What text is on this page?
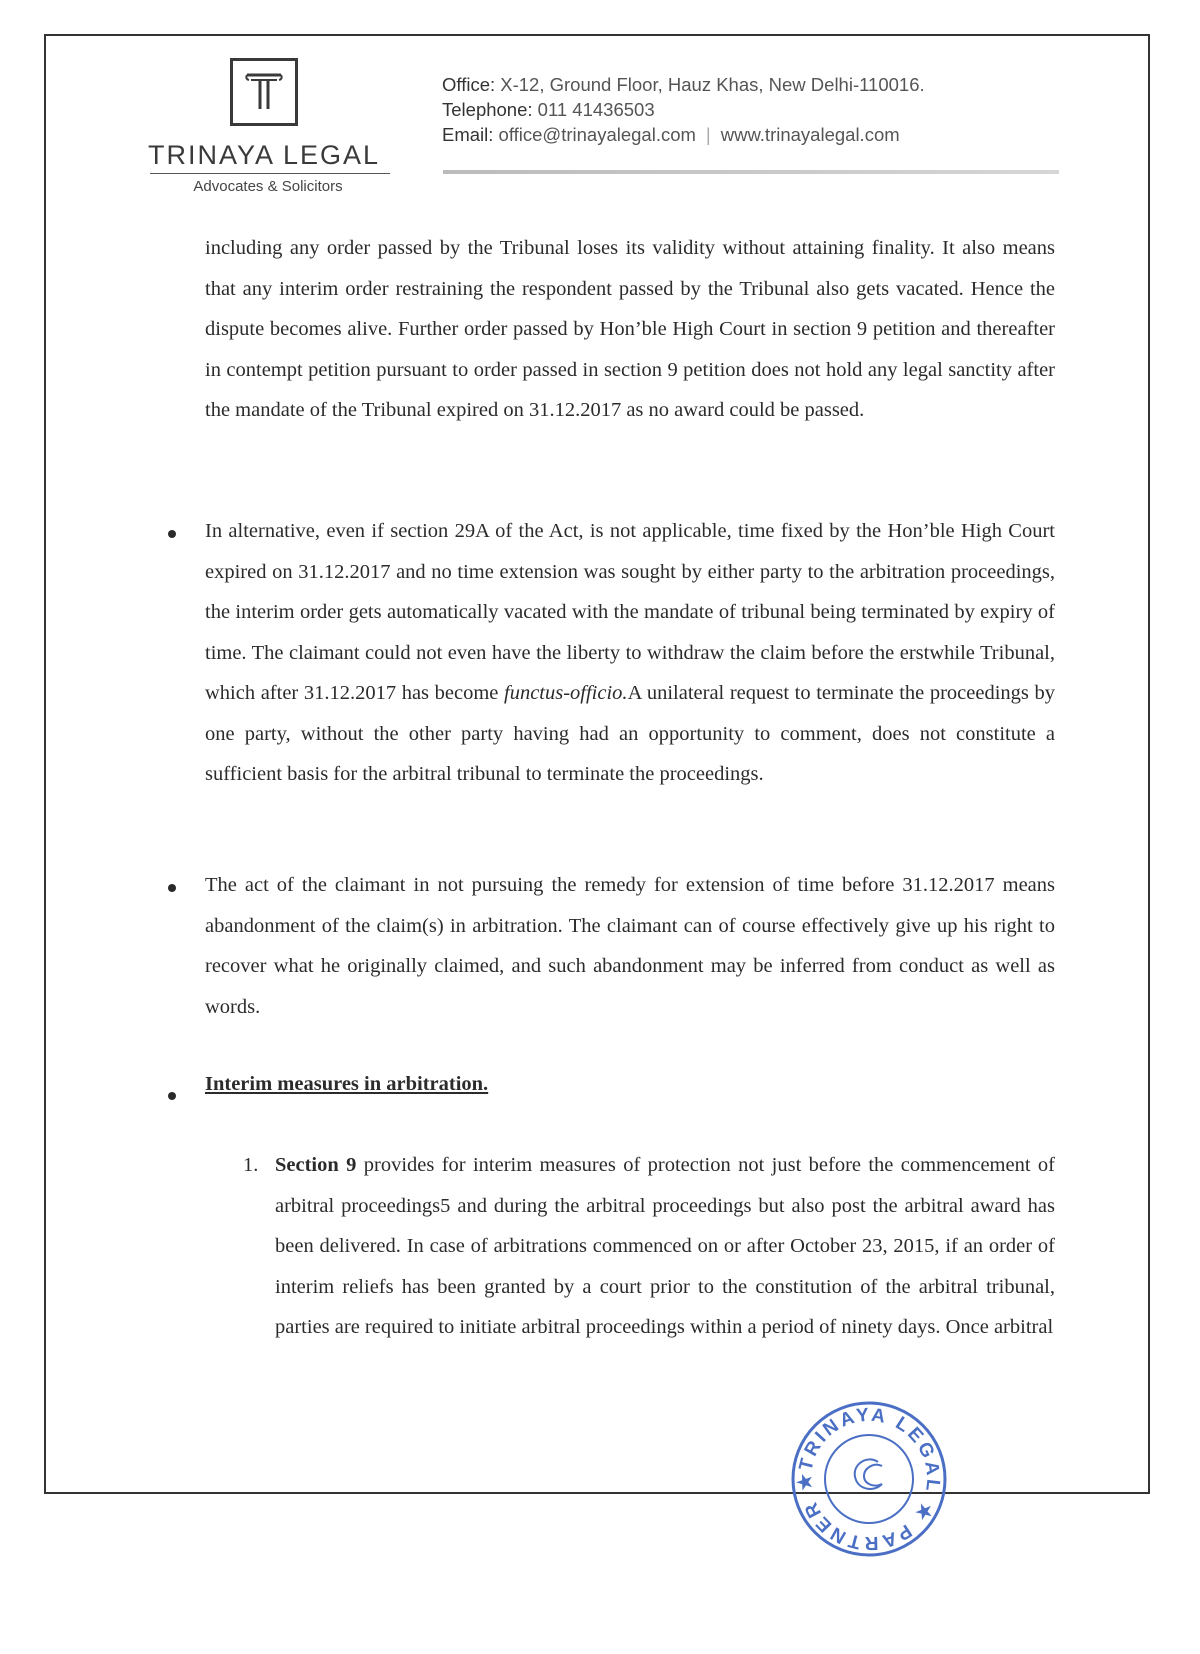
TRINAYA LEGAL
Advocates & Solicitors
Office: X-12, Ground Floor, Hauz Khas, New Delhi-110016.
Telephone: 011 41436503
Email: office@trinayalegal.com | www.trinayalegal.com
including any order passed by the Tribunal loses its validity without attaining finality. It also means that any interim order restraining the respondent passed by the Tribunal also gets vacated. Hence the dispute becomes alive. Further order passed by Hon’ble High Court in section 9 petition and thereafter in contempt petition pursuant to order passed in section 9 petition does not hold any legal sanctity after the mandate of the Tribunal expired on 31.12.2017 as no award could be passed.
In alternative, even if section 29A of the Act, is not applicable, time fixed by the Hon’ble High Court expired on 31.12.2017 and no time extension was sought by either party to the arbitration proceedings, the interim order gets automatically vacated with the mandate of tribunal being terminated by expiry of time. The claimant could not even have the liberty to withdraw the claim before the erstwhile Tribunal, which after 31.12.2017 has become functus-officio.A unilateral request to terminate the proceedings by one party, without the other party having had an opportunity to comment, does not constitute a sufficient basis for the arbitral tribunal to terminate the proceedings.
The act of the claimant in not pursuing the remedy for extension of time before 31.12.2017 means abandonment of the claim(s) in arbitration. The claimant can of course effectively give up his right to recover what he originally claimed, and such abandonment may be inferred from conduct as well as words.
Interim measures in arbitration.
1. Section 9 provides for interim measures of protection not just before the commencement of arbitral proceedings5 and during the arbitral proceedings but also post the arbitral award has been delivered. In case of arbitrations commenced on or after October 23, 2015, if an order of interim reliefs has been granted by a court prior to the constitution of the arbitral tribunal, parties are required to initiate arbitral proceedings within a period of ninety days. Once arbitral
TRINAYA LEGAL ★ PARTNER ★
